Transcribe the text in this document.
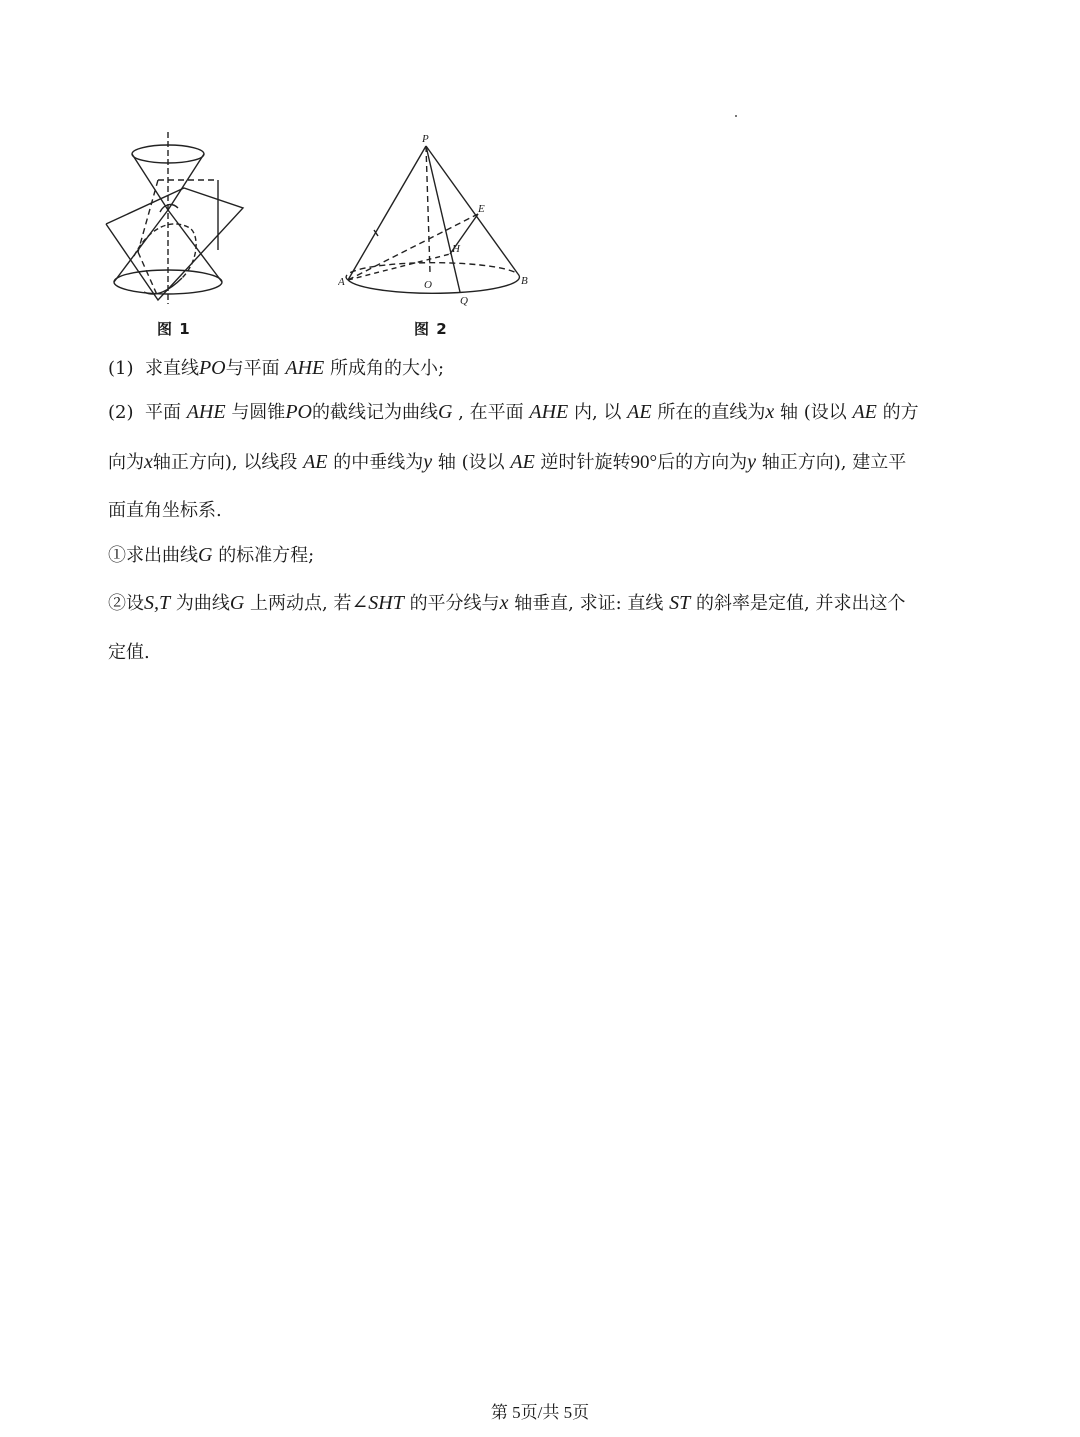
图 1
P
A	B
O
E
H
Q
图 2
(1) 求直线PO与平面 AHE 所成角的大小;
(2) 平面 AHE 与圆锥PO的截线记为曲线G , 在平面 AHE 内, 以 AE 所在的直线为x 轴 (设以 AE 的方
向为x轴正方向), 以线段 AE 的中垂线为y 轴 (设以 AE 逆时针旋转90°后的方向为y 轴正方向), 建立平
面直角坐标系.
①求出曲线G 的标准方程;
②设S,T 为曲线G 上两动点, 若∠SHT 的平分线与x 轴垂直, 求证: 直线 ST 的斜率是定值, 并求出这个
定值.
第 5页/共 5页
